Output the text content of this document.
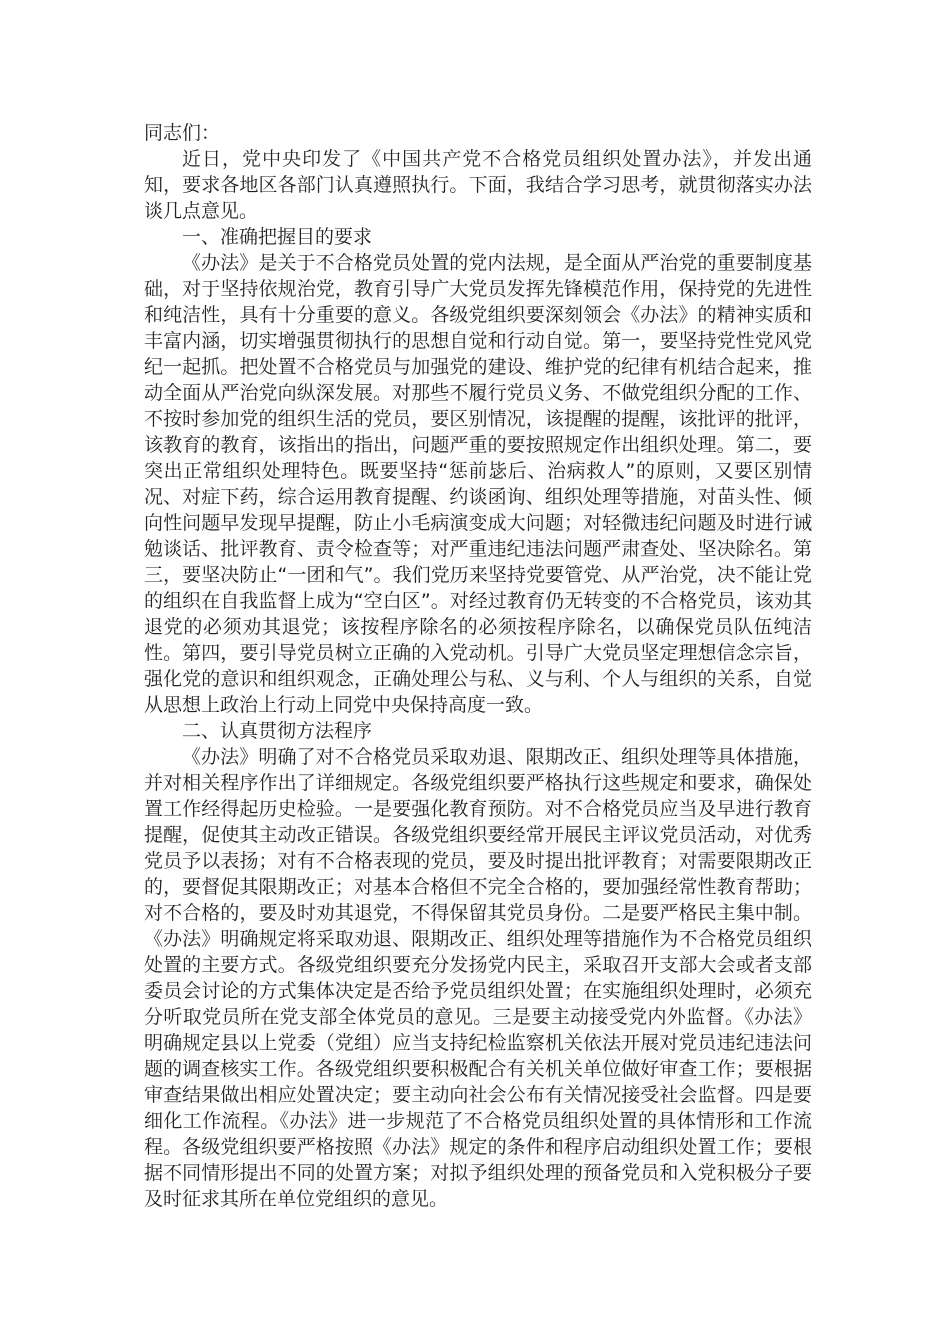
同志们：

近日，党中央印发了《中国共产党不合格党员组织处置办法》，并发出通知，要求各地区各部门认真遵照执行。下面，我结合学习思考，就贯彻落实办法谈几点意见。

一、准确把握目的要求

《办法》是关于不合格党员处置的党内法规，是全面从严治党的重要制度基础，对于坚持依规治党，教育引导广大党员发挥先锋模范作用，保持党的先进性和纯洁性，具有十分重要的意义。各级党组织要深刻领会《办法》的精神实质和丰富内涵，切实增强贯彻执行的思想自觉和行动自觉。第一，要坚持党性党风党纪一起抓。把处置不合格党员与加强党的建设、维护党的纪律有机结合起来，推动全面从严治党向纵深发展。对那些不履行党员义务、不做党组织分配的工作、不按时参加党的组织生活的党员，要区别情况，该提醒的提醒，该批评的批评，该教育的教育，该指出的指出，问题严重的要按照规定作出组织处理。第二，要突出正常组织处理特色。既要坚持“惩前毖后、治病救人”的原则，又要区别情况、对症下药，综合运用教育提醒、约谈函询、组织处理等措施，对苗头性、倾向性问题早发现早提醒，防止小毛病演变成大问题；对轻微违纪问题及时进行诫勉谈话、批评教育、责令检查等；对严重违纪违法问题严肃查处、坚决除名。第三，要坚决防止“一团和气”。我们党历来坚持党要管党、从严治党，决不能让党的组织在自我监督上成为“空白区”。对经过教育仍无转变的不合格党员，该劝其退党的必须劝其退党；该按程序除名的必须按程序除名，以确保党员队伍纯洁性。第四，要引导党员树立正确的入党动机。引导广大党员坚定理想信念宗旨，强化党的意识和组织观念，正确处理公与私、义与利、个人与组织的关系，自觉从思想上政治上行动上同党中央保持高度一致。

二、认真贯彻方法程序

《办法》明确了对不合格党员采取劝退、限期改正、组织处理等具体措施，并对相关程序作出了详细规定。各级党组织要严格执行这些规定和要求，确保处置工作经得起历史检验。一是要强化教育预防。对不合格党员应当及早进行教育提醒，促使其主动改正错误。各级党组织要经常开展民主评议党员活动，对优秀党员予以表扬；对有不合格表现的党员，要及时提出批评教育；对需要限期改正的，要督促其限期改正；对基本合格但不完全合格的，要加强经常性教育帮助；对不合格的，要及时劝其退党，不得保留其党员身份。二是要严格民主集中制。《办法》明确规定将采取劝退、限期改正、组织处理等措施作为不合格党员组织处置的主要方式。各级党组织要充分发扬党内民主，采取召开支部大会或者支部委员会讨论的方式集体决定是否给予党员组织处置；在实施组织处理时，必须充分听取党员所在党支部全体党员的意见。三是要主动接受党内外监督。《办法》明确规定县以上党委（党组）应当支持纪检监察机关依法开展对党员违纪违法问题的调查核实工作。各级党组织要积极配合有关机关单位做好审查工作；要根据审查结果做出相应处置决定；要主动向社会公布有关情况接受社会监督。四是要细化工作流程。《办法》进一步规范了不合格党员组织处置的具体情形和工作流程。各级党组织要严格按照《办法》规定的条件和程序启动组织处置工作；要根据不同情形提出不同的处置方案；对拟予组织处理的预备党员和入党积极分子要及时征求其所在单位党组织的意见。
